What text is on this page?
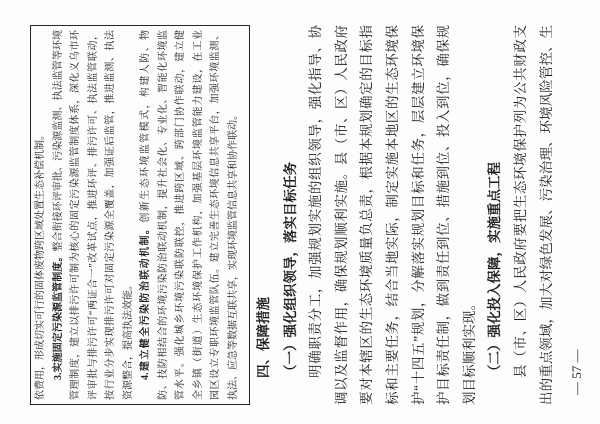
依费用，形成切实可行的固体废物跨区域处置生态补偿机制。 3.实施固定污染源监管制度。整合衔接环评审批、污染源监测、执法监管等环境 管理制度，建立以排污许可制为核心的固定污染源监管制度体系，深化义乌市环 评审批与排污许可“两证合一”改革试点，推进环评、排污许可、执法监管联动， 按行业分步实现排污许可对固定污染源全覆盖，加强证后监管，推进监测、执法 资源整合，提高执法效能。 4.建立健全污染防治联动机制。创新生态环境监管模式，构建人防、物 防、技防相结合的环境污染防治联动机制，提升社会化、专业化、智能化环境监 管水平。强化城乡环境污染联防联控，推进跨区域、跨部门协作联动，建立健 全乡镇（街道）生态环境保护工作机构，加强基层环境监管能力建设，在工业 园区设立专职环境监管队伍。建立完善生态环境信息共享平台，加强环境监测、 执法、应急等数据互联共享，实现环境监管信息共享和协作联动。 四、保障措施 （一）强化组织领导，落实目标任务 明确职责分工，加强规划实施的组织领导，强化指导、协 调以及监督作用，确保规划顺利实施。县（市、区）人民政府 要对本辖区的生态环境质量负总责，根据本规划确定的目标指 标和主要任务，结合当地实际，制定实施本地区的生态环境保 护“十四五”规划，分解落实规划目标和任务，层层建立环境保 护目标责任制，做到责任到位、措施到位、投入到位，确保规 划目标顺利实现。 （二）强化投入保障，实施重点工程 县（市、区）人民政府要把生态环境保护列为公共财政支 出的重点领域，加大对绿色发展、污染治理、环境风险管控、生	— 57 —
